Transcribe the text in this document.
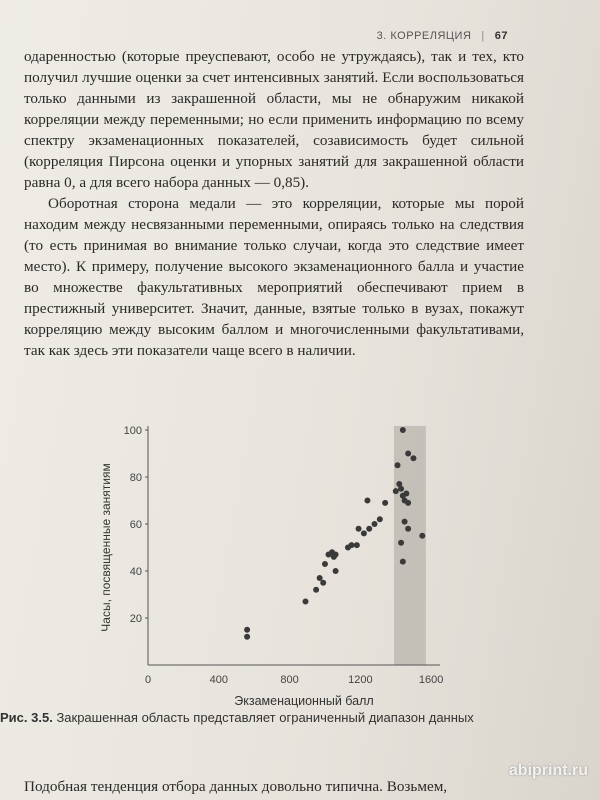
3. КОРРЕЛЯЦИЯ | 67

одаренностью (которые преуспевают, особо не утруждаясь), так и тех, кто получил лучшие оценки за счет интенсивных занятий. Если воспользоваться только данными из закрашенной области, мы не обнаружим никакой корреляции между переменными; но если применить информацию по всему спектру экзаменационных показателей, созависимость будет сильной (корреляция Пирсона оценки и упорных занятий для закрашенной области равна 0, а для всего набора данных — 0,85).

Оборотная сторона медали — это корреляции, которые мы порой находим между несвязанными переменными, опираясь только на следствия (то есть принимая во внимание только случаи, когда это следствие имеет место). К примеру, получение высокого экзаменационного балла и участие во множестве факультативных мероприятий обеспечивают прием в престижный университет. Значит, данные, взятые только в вузах, покажут корреляцию между высоким баллом и многочисленными факультативами, так как здесь эти показатели чаще всего в наличии.

20
40
60
80
100
0	400	800	1200	1600
Экзаменационный балл
Часы, посвященные занятиям
Рис. 3.5. Закрашенная область представляет ограниченный диапазон данных
Подобная тенденция отбора данных довольно типична. Возьмем,
abiprint.ru
